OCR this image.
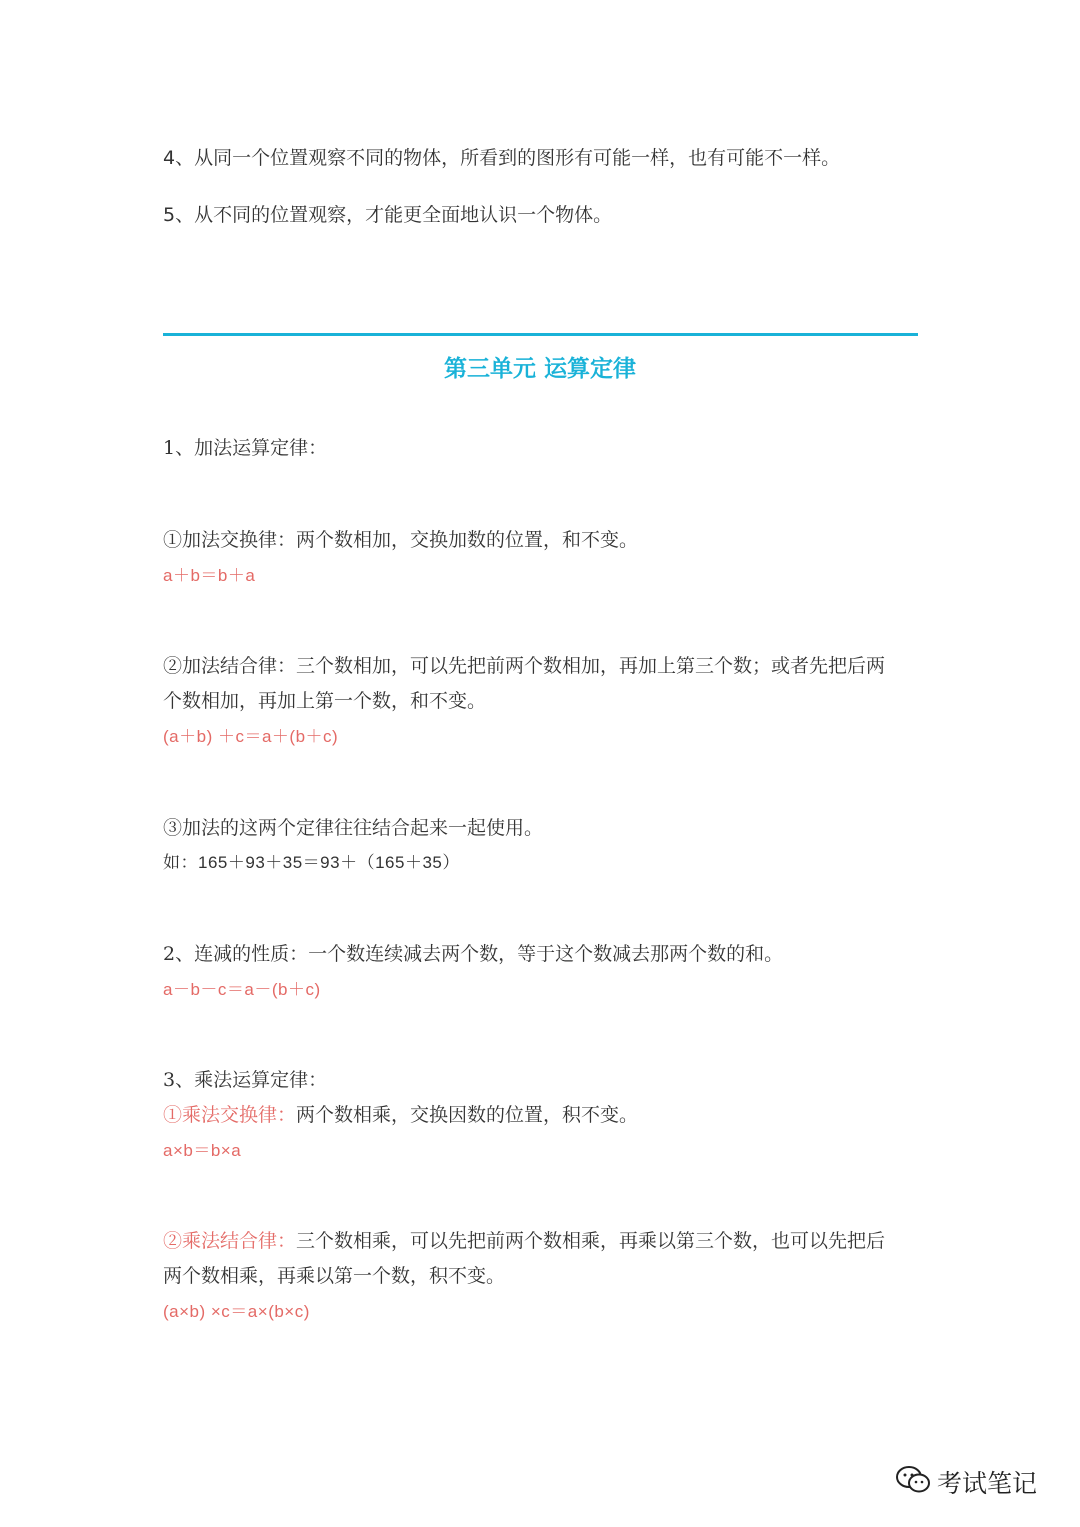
4、从同一个位置观察不同的物体，所看到的图形有可能一样，也有可能不一样。
5、从不同的位置观察，才能更全面地认识一个物体。
第三单元 运算定律
1、加法运算定律：
①加法交换律：两个数相加，交换加数的位置，和不变。
a＋b＝b＋a
②加法结合律：三个数相加，可以先把前两个数相加，再加上第三个数；或者先把后两
个数相加，再加上第一个数，和不变。
(a＋b) ＋c＝a＋(b＋c)
③加法的这两个定律往往结合起来一起使用。
如：165＋93＋35＝93＋（165＋35）
2、连减的性质：一个数连续减去两个数，等于这个数减去那两个数的和。
a－b－c＝a－(b＋c)
3、乘法运算定律：
①乘法交换律：两个数相乘，交换因数的位置，积不变。
a×b＝b×a
②乘法结合律：三个数相乘，可以先把前两个数相乘，再乘以第三个数，也可以先把后
两个数相乘，再乘以第一个数，积不变。
(a×b) ×c＝a×(b×c)
考试笔记
